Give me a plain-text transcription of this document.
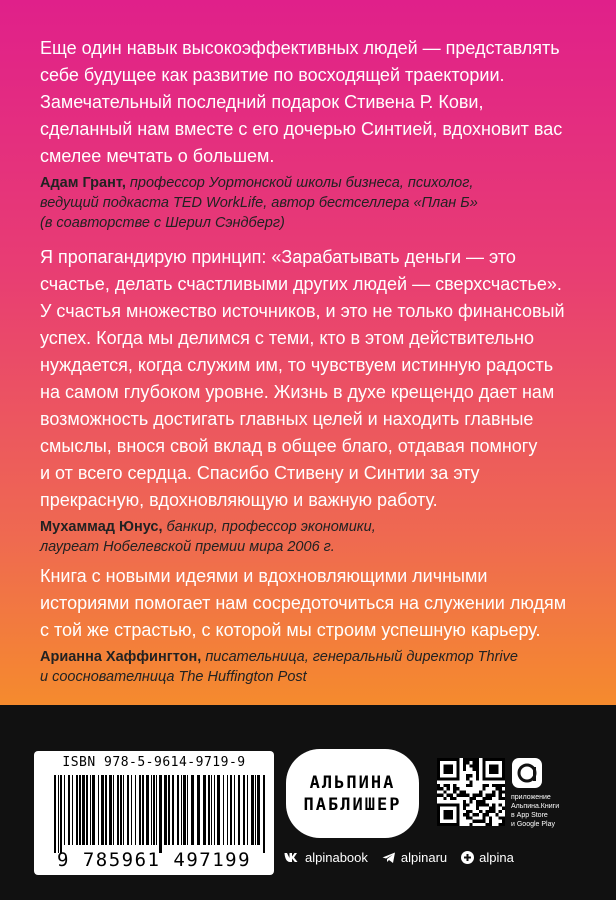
Еще один навык высокоэффективных людей — представлять
себе будущее как развитие по восходящей траектории.
Замечательный последний подарок Стивена Р. Кови,
сделанный нам вместе с его дочерью Синтией, вдохновит вас
смелее мечтать о большем.

Адам Грант, профессор Уортонской школы бизнеса, психолог,
ведущий подкаста TED WorkLife, автор бестселлера «План Б»
(в соавторстве с Шерил Сэндберг)

Я пропагандирую принцип: «Зарабатывать деньги — это
счастье, делать счастливыми других людей — сверхсчастье».
У счастья множество источников, и это не только финансовый
успех. Когда мы делимся с теми, кто в этом действительно
нуждается, когда служим им, то чувствуем истинную радость
на самом глубоком уровне. Жизнь в духе крещендо дает нам
возможность достигать главных целей и находить главные
смыслы, внося свой вклад в общее благо, отдавая помногу
и от всего сердца. Спасибо Стивену и Синтии за эту
прекрасную, вдохновляющую и важную работу.

Мухаммад Юнус, банкир, профессор экономики,
лауреат Нобелевской премии мира 2006 г.

Книга с новыми идеями и вдохновляющими личными
историями помогает нам сосредоточиться на служении людям
с той же страстью, с которой мы строим успешную карьеру.

Арианна Хаффингтон, писательница, генеральный директор Thrive
и сооснователница The Huffington Post
ISBN 978-5-9614-9719-9
9 785961 497199
АЛЬПИНА
ПАБЛИШЕР	приложение
Альпина.Книги
в App Store
и Google Play
alpinabook	alpinaru alpina
